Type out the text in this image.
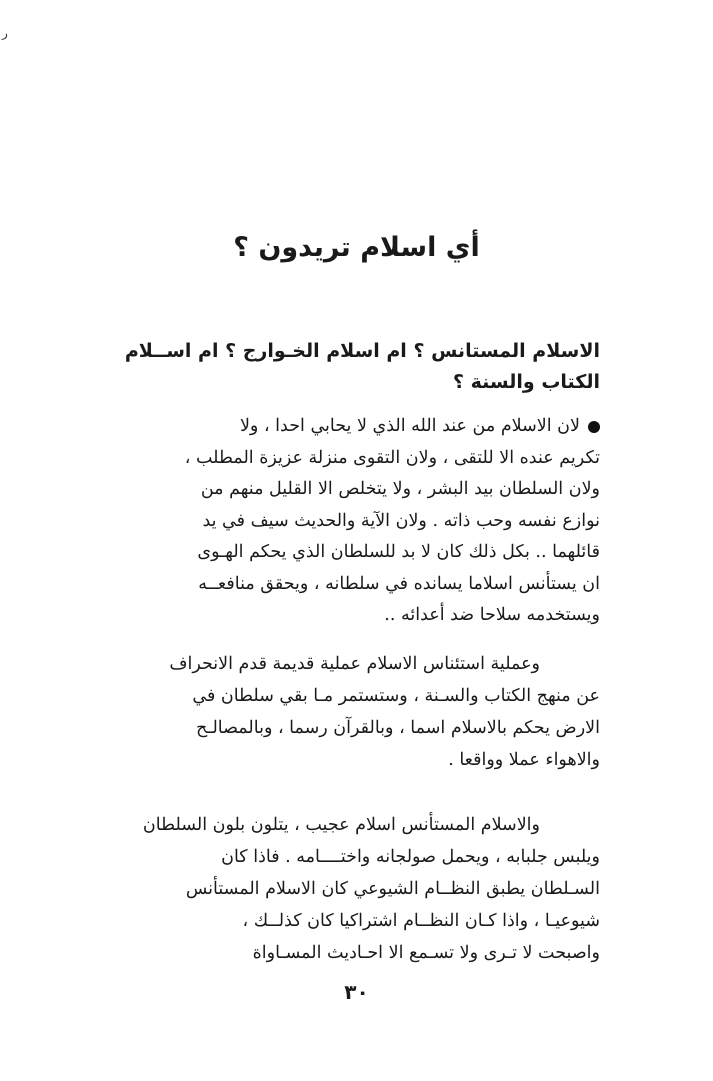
ر
أي اسلام تريدون ؟
الاسلام المستانس ؟ ام اسلام الخـوارج ؟ ام اســلام
الكتاب والسنة ؟
لان الاسلام من عند الله الذي لا يحابي احدا ، ولا
تكريم عنده الا للتقى ، ولان التقوى منزلة عزيزة المطلب ،
ولان السلطان بيد البشر ، ولا يتخلص الا القليل منهم من
نوازع نفسه وحب ذاته . ولان الآية والحديث سيف في يد
قائلهما .. بكل ذلك كان لا بد للسلطان الذي يحكم الهـوى
ان يستأنس اسلاما يسانده في سلطانه ، ويحقق منافعــه
ويستخدمه سلاحا ضد أعدائه ..
وعملية استئناس الاسلام عملية قديمة قدم الانحراف
عن منهج الكتاب والسـنة ، وستستمر مـا بقي سلطان في
الارض يحكم بالاسلام اسما ، وبالقرآن رسما ، وبالمصالـح
والاهواء عملا وواقعا .
والاسلام المستأنس اسلام عجيب ، يتلون بلون السلطان
ويلبس جلبابه ، ويحمل صولجانه واختــــامه . فاذا كان
السـلطان يطبق النظــام الشيوعي كان الاسلام المستأنس
شيوعيـا ، واذا كـان النظــام اشتراكيا كان كذلــك ،
واصبحت لا تـرى ولا تسـمع الا احـاديث المسـاواة
٣٠
